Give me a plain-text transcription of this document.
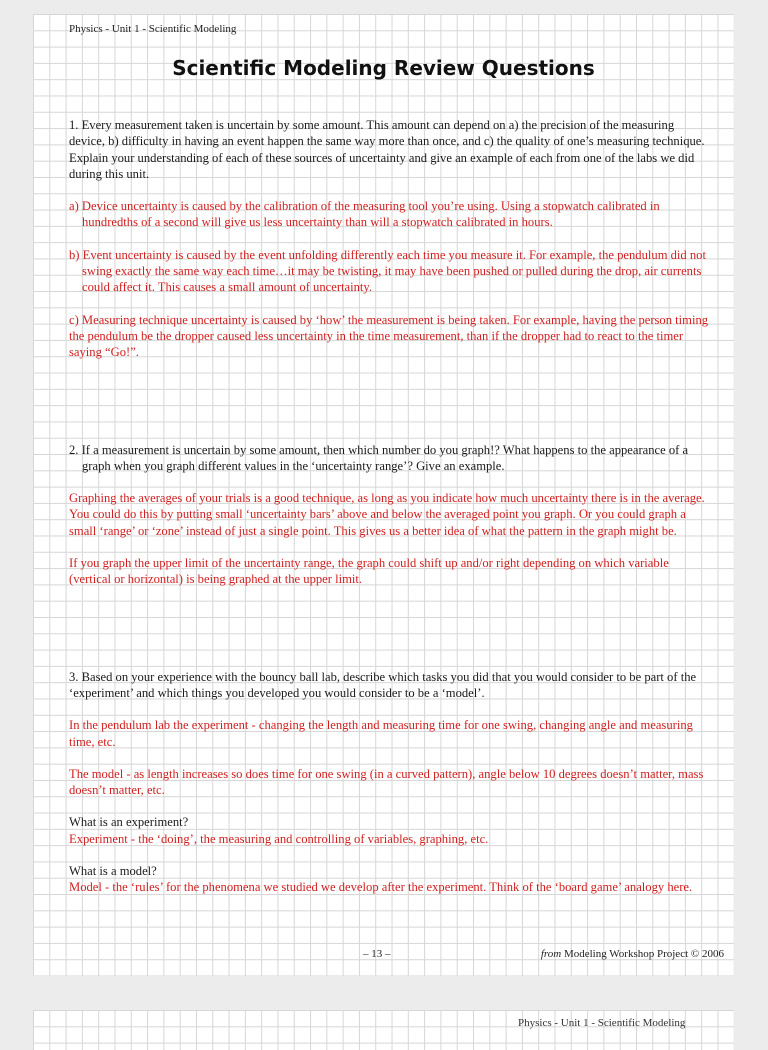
Physics - Unit 1 - Scientific Modeling
Scientific Modeling Review Questions

1. Every measurement taken is uncertain by some amount. This amount can depend on a) the precision of the measuring device, b) difficulty in having an event happen the same way more than once, and c) the quality of one’s measuring technique. Explain your understanding of each of these sources of uncertainty and give an example of each from one of the labs we did during this unit.

a) Device uncertainty is caused by the calibration of the measuring tool you’re using. Using a stopwatch calibrated in hundredths of a second will give us less uncertainty than will a stopwatch calibrated in hours.

b) Event uncertainty is caused by the event unfolding differently each time you measure it. For example, the pendulum did not swing exactly the same way each time…it may be twisting, it may have been pushed or pulled during the drop, air currents could affect it. This causes a small amount of uncertainty.

c) Measuring technique uncertainty is caused by ‘how’ the measurement is being taken. For example, having the person timing the pendulum be the dropper caused less uncertainty in the time measurement, than if the dropper had to react to the timer saying “Go!”.

2. If a measurement is uncertain by some amount, then which number do you graph!? What happens to the appearance of a graph when you graph different values in the ‘uncertainty range’? Give an example.

Graphing the averages of your trials is a good technique, as long as you indicate how much uncertainty there is in the average. You could do this by putting small ‘uncertainty bars’ above and below the averaged point you graph. Or you could graph a small ‘range’ or ‘zone’ instead of just a single point. This gives us a better idea of what the pattern in the graph might be.

If you graph the upper limit of the uncertainty range, the graph could shift up and/or right depending on which variable (vertical or horizontal) is being graphed at the upper limit.

3. Based on your experience with the bouncy ball lab, describe which tasks you did that you would consider to be part of the ‘experiment’ and which things you developed you would consider to be a ‘model’.

In the pendulum lab the experiment - changing the length and measuring time for one swing, changing angle and measuring time, etc.

The model - as length increases so does time for one swing (in a curved pattern), angle below 10 degrees doesn’t matter, mass doesn’t matter, etc.

What is an experiment?

Experiment - the ‘doing’, the measuring and controlling of variables, graphing, etc.

What is a model?

Model - the ‘rules’ for the phenomena we studied we develop after the experiment. Think of the ‘board game’ analogy here.

– 13 –	from Modeling Workshop Project © 2006
Physics - Unit 1 - Scientific Modeling
